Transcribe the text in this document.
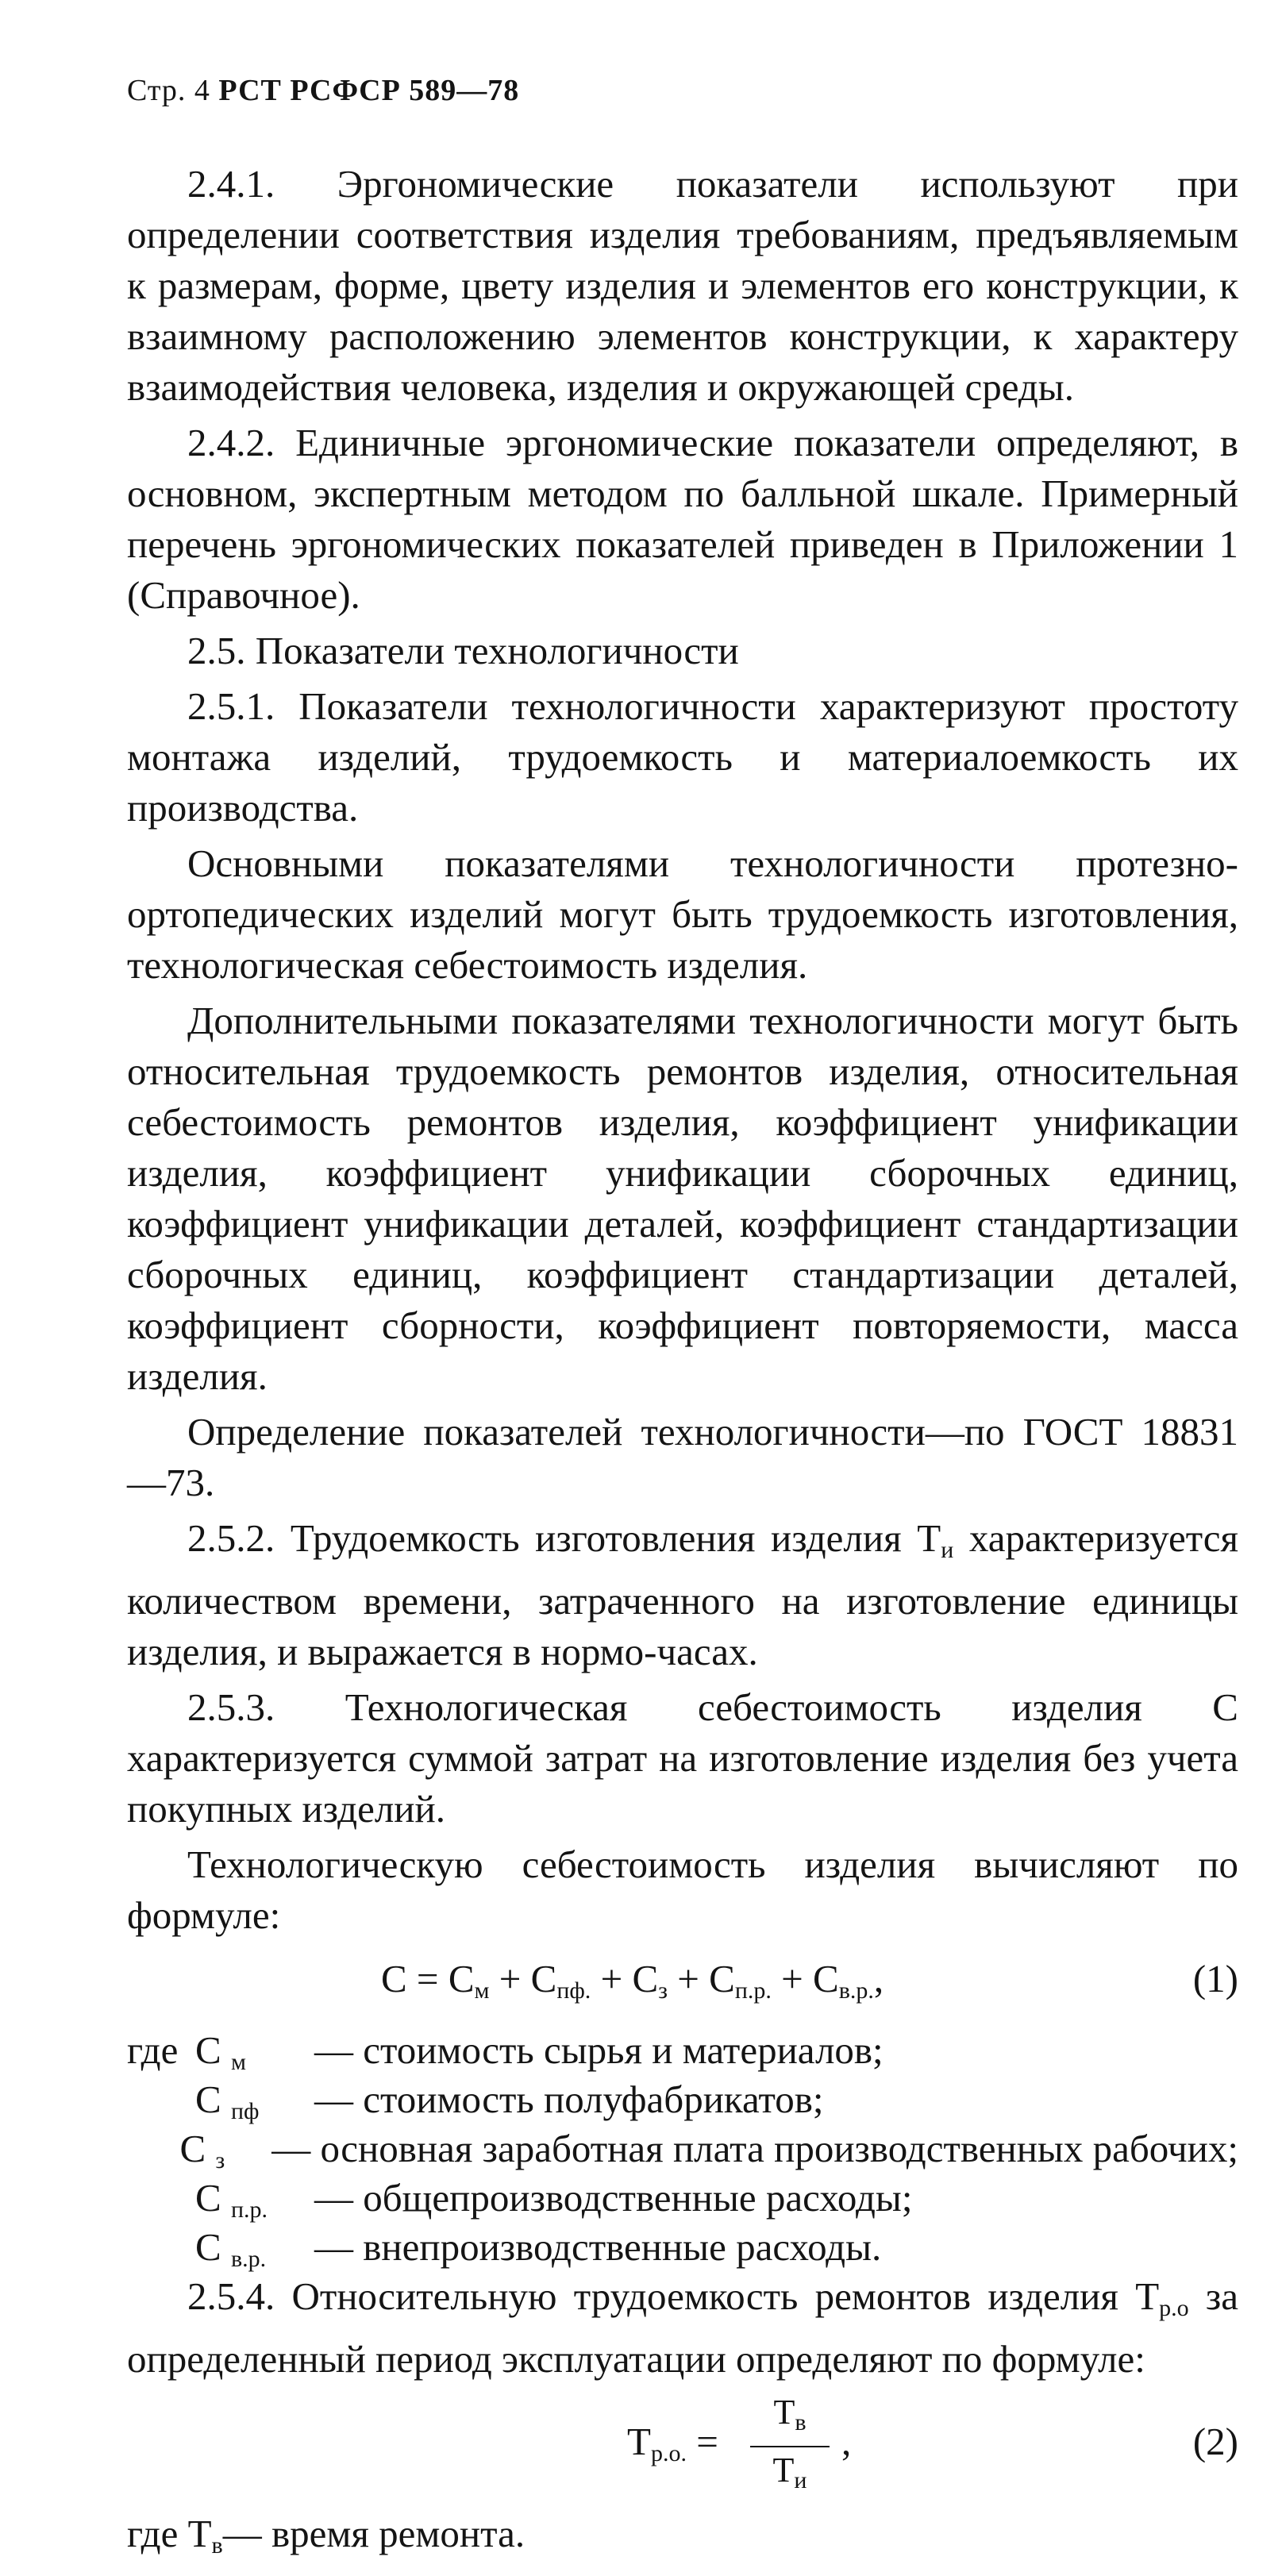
Стр. 4 РСТ РСФСР 589—78

2.4.1. Эргономические показатели используют при определении соответствия изделия требованиям, предъявляемым к размерам, форме, цвету изделия и элементов его конструкции, к взаимному расположению элементов конструкции, к характеру взаимодействия человека, изделия и окружающей среды.

2.4.2. Единичные эргономические показатели определяют, в основном, экспертным методом по балльной шкале. Примерный перечень эргономических показателей приведен в Приложении 1 (Справочное).

2.5. Показатели технологичности

2.5.1. Показатели технологичности характеризуют простоту монтажа изделий, трудоемкость и материалоемкость их производства.

Основными показателями технологичности протезно-ортопедических изделий могут быть трудоемкость изготовления, технологическая себестоимость изделия.

Дополнительными показателями технологичности могут быть относительная трудоемкость ремонтов изделия, относительная себестоимость ремонтов изделия, коэффициент унификации изделия, коэффициент унификации сборочных единиц, коэффициент унификации деталей, коэффициент стандартизации сборочных единиц, коэффициент стандартизации деталей, коэффициент сборности, коэффициент повторяемости, масса изделия.

Определение показателей технологичности—по ГОСТ 18831—73.

2.5.2. Трудоемкость изготовления изделия $Т_и$ характеризуется количеством времени, затраченного на изготовление единицы изделия, и выражается в нормо-часах.

2.5.3. Технологическая себестоимость изделия С характеризуется суммой затрат на изготовление изделия без учета покупных изделий.

Технологическую себестоимость изделия вычисляют по формуле:

$С = С_м + С_{пф.} + С_з + С_{п.р.} + С_{в.р.}$,	(1)
где С $_м$	— стоимость сырья и материалов;
С $_{пф}$	— стоимость полуфабрикатов;
С $_з$	— основная заработная плата производственных рабочих;
С $_{п.р.}$	— общепроизводственные расходы;
С $_{в.р.}$	— внепроизводственные расходы.

2.5.4. Относительную трудоемкость ремонтов изделия $Т_{р.о}$ за определенный период эксплуатации определяют по формуле:

$Т_{р.о.}$ =
$Т_в$
$Т_и$
,	(2)

где $Т_в—$ время ремонта.
